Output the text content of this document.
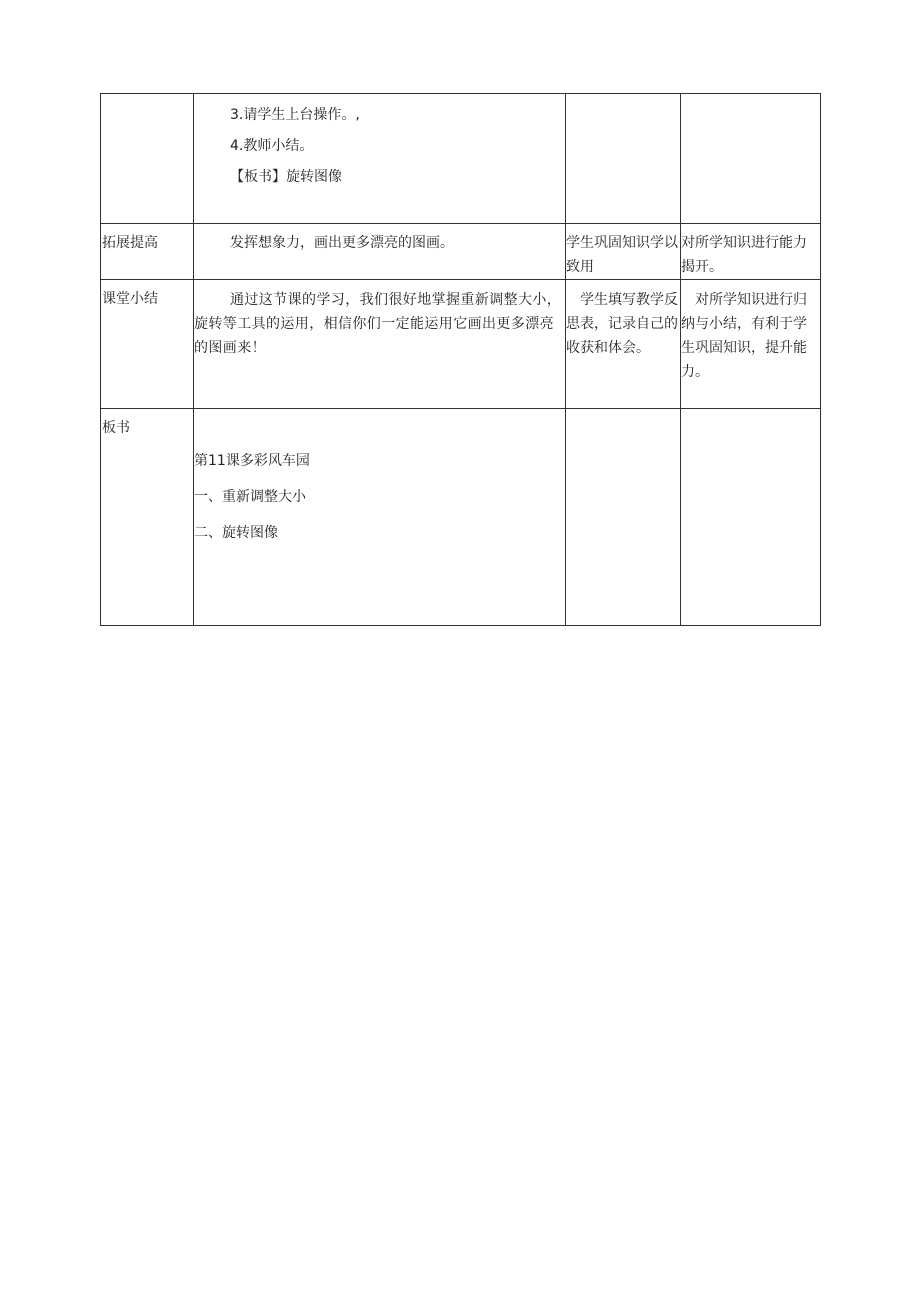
	3.请学生上台操作。,
4.教师小结。
【板书】旋转图像		

拓展提高	发挥想象力，画出更多漂亮的图画。	学生巩固知识学以致用	对所学知识进行能力揭开。

课堂小结	通过这节课的学习，我们很好地掌握重新调整大小，旋转等工具的运用，相信你们一定能运用它画出更多漂亮的图画来！	学生填写教学反思表，记录自己的收获和体会。	对所学知识进行归纳与小结，有利于学生巩固知识，提升能力。

板书	第11课多彩风车园
一、重新调整大小
二、旋转图像		
